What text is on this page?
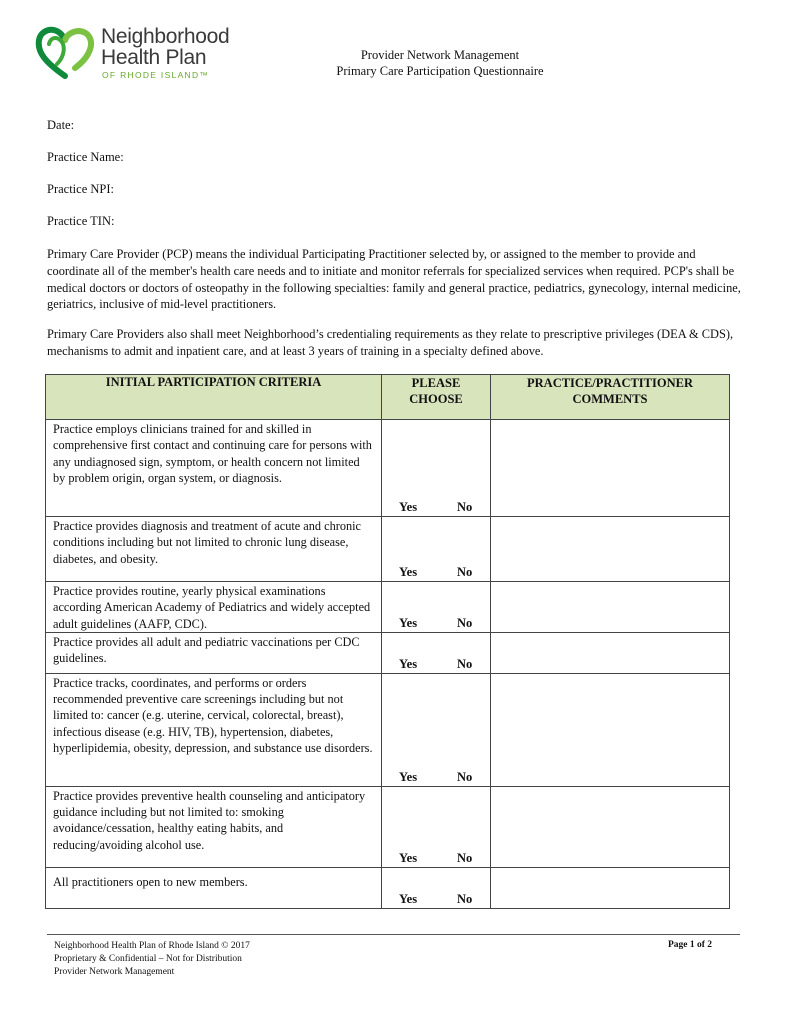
Neighborhood
Health Plan
OF RHODE ISLAND™
Provider Network Management
Primary Care Participation Questionnaire
Date:
Practice Name:
Practice NPI:
Practice TIN:
Primary Care Provider (PCP) means the individual Participating Practitioner selected by, or assigned to the member to provide and coordinate all of the member's health care needs and to initiate and monitor referrals for specialized services when required. PCP's shall be medical doctors or doctors of osteopathy in the following specialties: family and general practice, pediatrics, gynecology, internal medicine, geriatrics, inclusive of mid-level practitioners.
Primary Care Providers also shall meet Neighborhood’s credentialing requirements as they relate to prescriptive privileges (DEA & CDS), mechanisms to admit and inpatient care, and at least 3 years of training in a specialty defined above.
INITIAL PARTICIPATION CRITERIA	PLEASE CHOOSE	PRACTICE/PRACTITIONER COMMENTS

Practice employs clinicians trained for and skilled in comprehensive first contact and continuing care for persons with any undiagnosed sign, symptom, or health concern not limited by problem origin, organ system, or diagnosis.	Yes No	

Practice provides diagnosis and treatment of acute and chronic conditions including but not limited to chronic lung disease, diabetes, and obesity.	Yes No	

Practice provides routine, yearly physical examinations according American Academy of Pediatrics and widely accepted adult guidelines (AAFP, CDC).	Yes No	

Practice provides all adult and pediatric vaccinations per CDC guidelines.	Yes No	

Practice tracks, coordinates, and performs or orders recommended preventive care screenings including but not limited to: cancer (e.g. uterine, cervical, colorectal, breast), infectious disease (e.g. HIV, TB), hypertension, diabetes, hyperlipidemia, obesity, depression, and substance use disorders.	Yes No	

Practice provides preventive health counseling and anticipatory guidance including but not limited to: smoking avoidance/cessation, healthy eating habits, and reducing/avoiding alcohol use.	Yes No	

All practitioners open to new members.	Yes No	

Neighborhood Health Plan of Rhode Island © 2017
Proprietary & Confidential – Not for Distribution
Provider Network Management
Page 1 of 2
